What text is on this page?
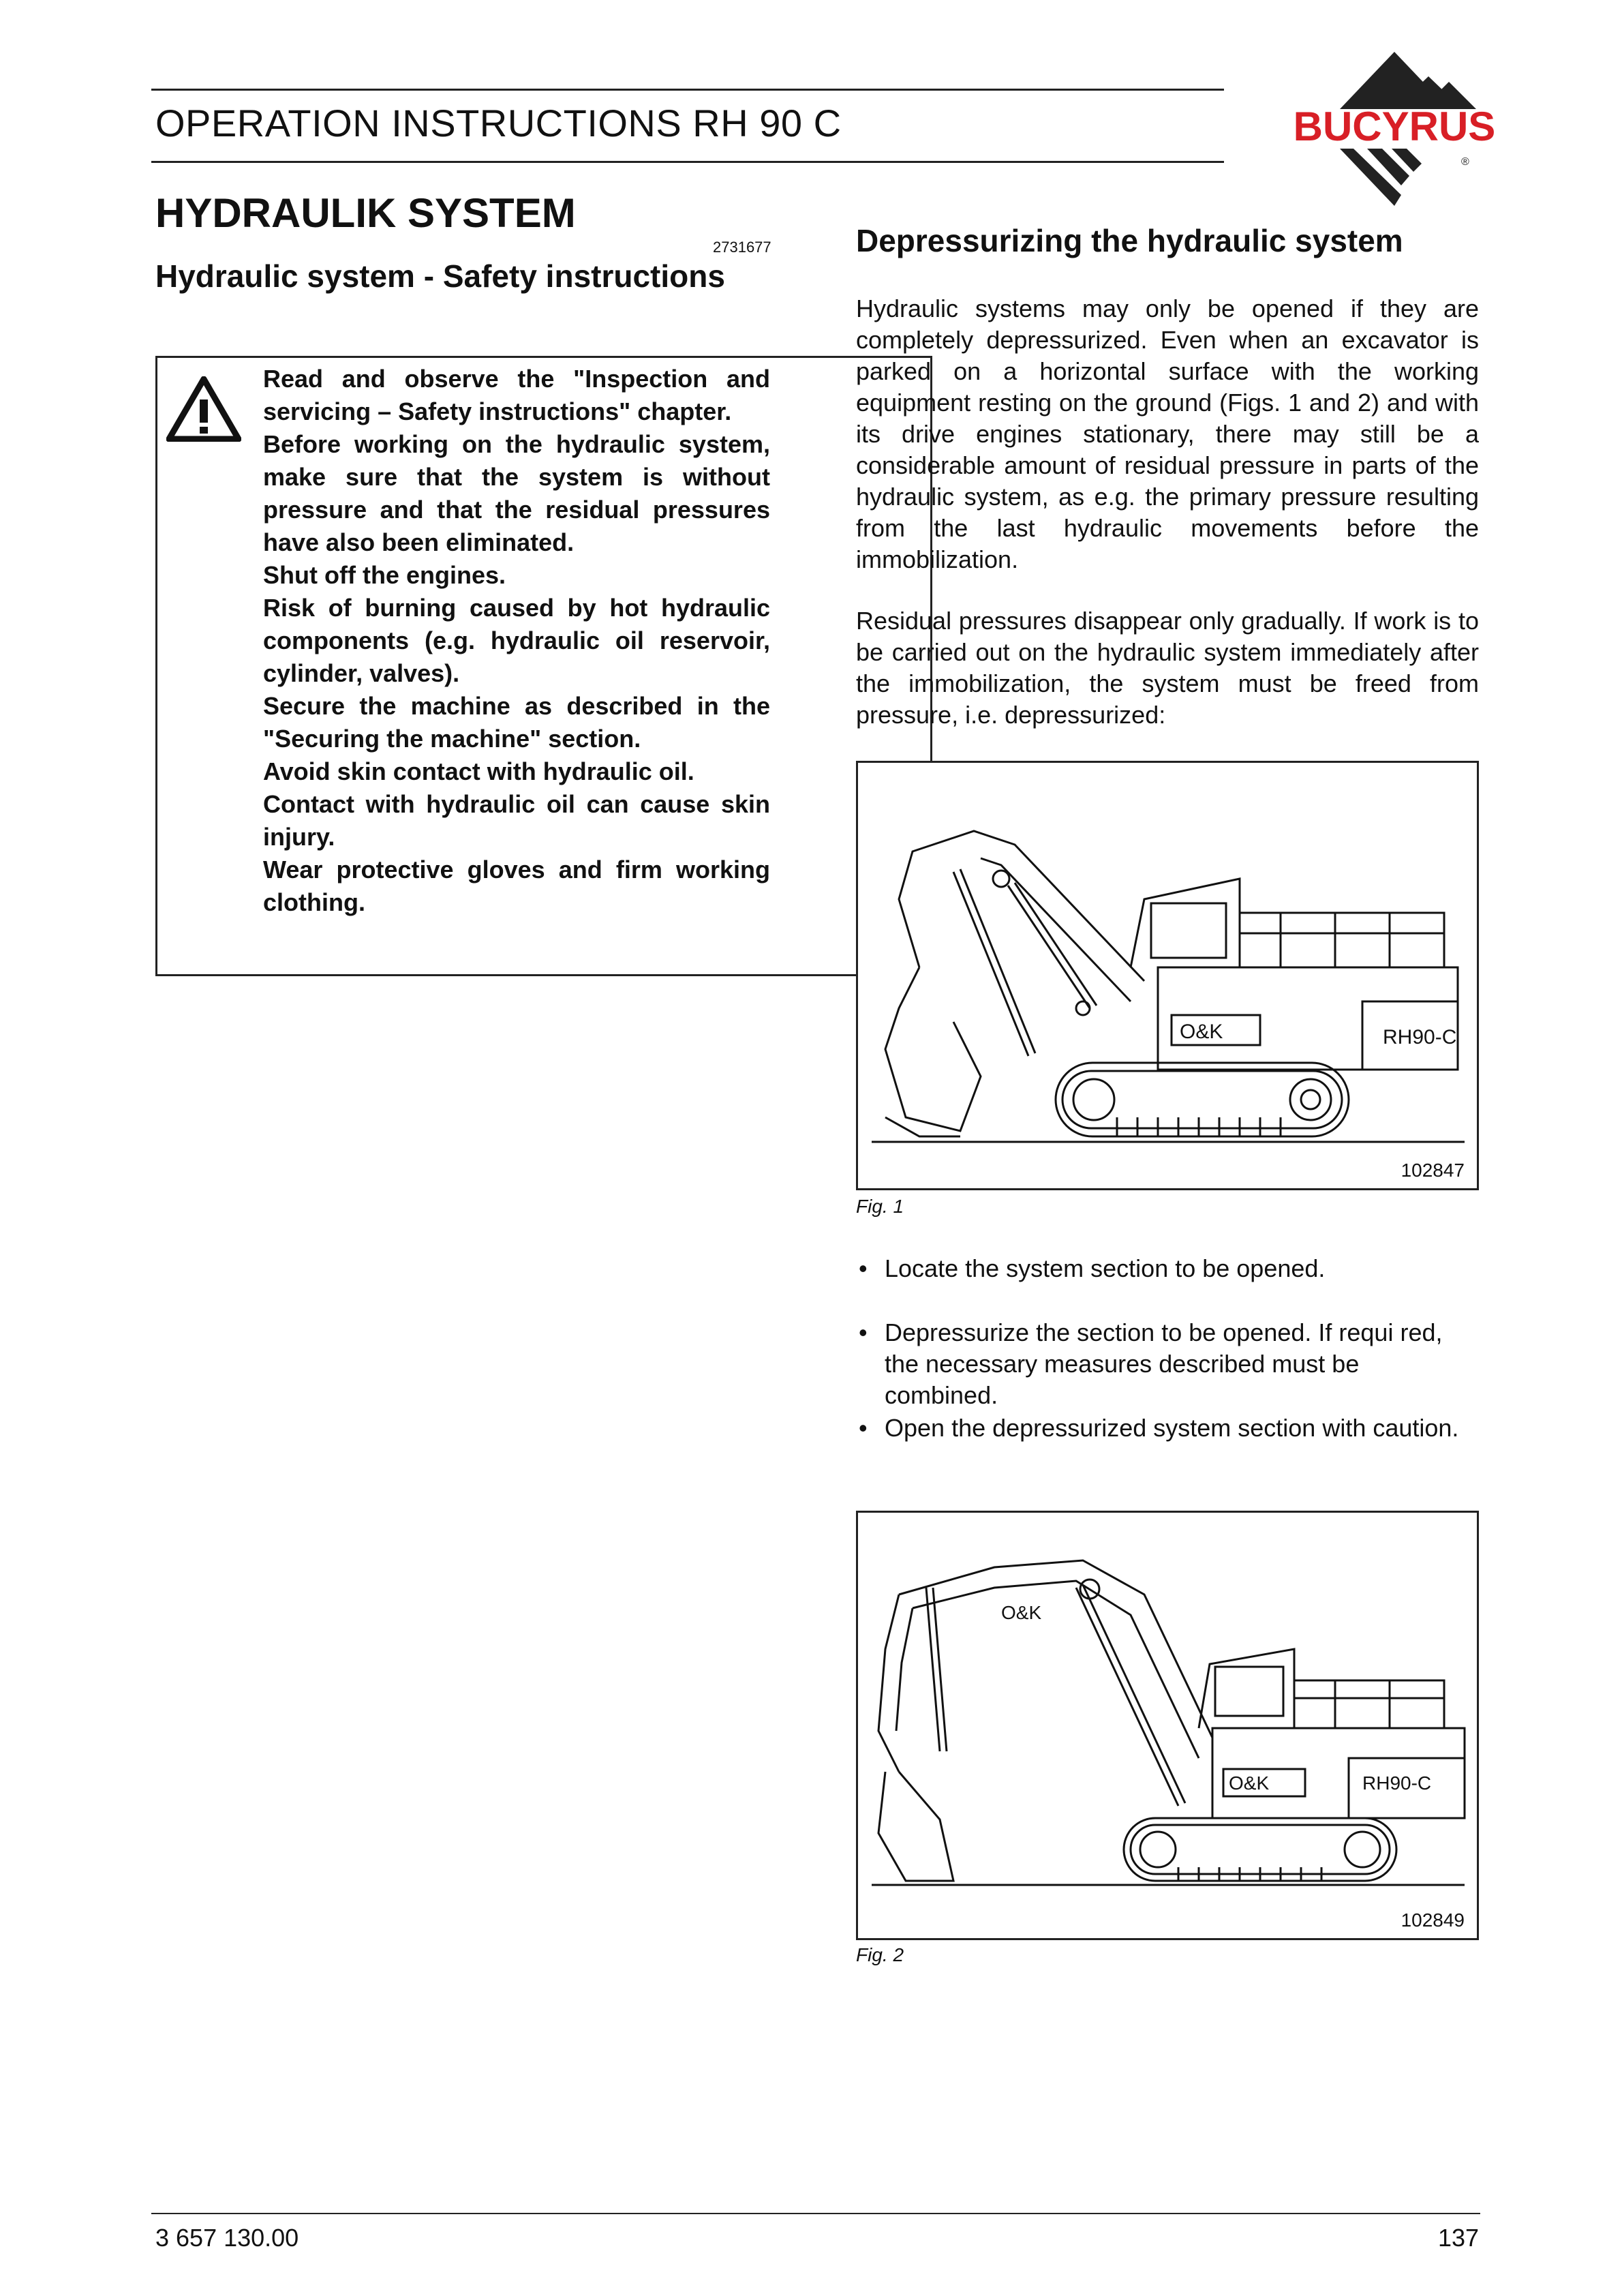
OPERATION INSTRUCTIONS RH 90 C	BUCYRUS
®
HYDRAULIK SYSTEM
2731677
Hydraulic system - Safety instructions

Read and observe the "Inspection and servicing – Safety instructions" chapter.

Before working on the hydraulic system, make sure that the system is without pressure and that the residual pressures have also been eliminated.

Shut off the engines.

Risk of burning caused by hot hydraulic components (e.g. hydraulic oil reservoir, cylinder, valves).

Secure the machine as described in the "Securing the machine" section.

Avoid skin contact with hydraulic oil.

Contact with hydraulic oil can cause skin injury.

Wear protective gloves and firm working clothing.

Depressurizing the hydraulic system
Hydraulic systems may only be opened if they are completely depressurized. Even when an excavator is parked on a horizontal surface with the working equipment resting on the ground (Figs. 1 and 2) and with its drive engines stationary, there may still be a considerable amount of residual pressure in parts of the hydraulic system, as e.g. the primary pressure resulting from the last hydraulic movements before the immobilization.
Residual pressures disappear only gradually. If work is to be carried out on the hydraulic system immediately after the immobilization, the system must be freed from pressure, i.e. depressurized:
O&K	RH90-C
102847
Fig. 1

• Locate the system section to be opened.

• Depressurize the section to be opened. If requi red, the necessary measures described must be combined.

• Open the depressurized system section with caution.

O&K
O&K	RH90-C
102849
Fig. 2
3 657 130.00	137
